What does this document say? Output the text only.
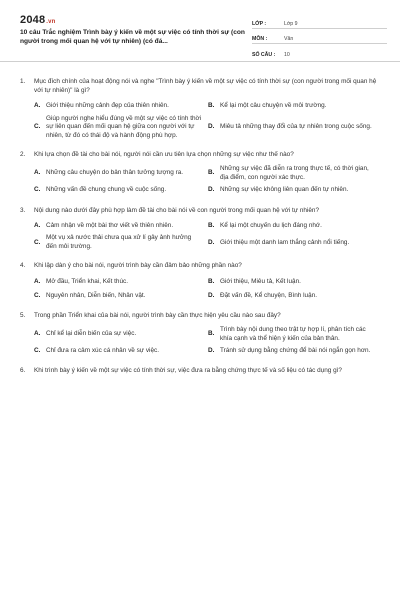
2048.vn
10 câu Trắc nghiệm Trình bày ý kiến về một sự việc có tính thời sự (con người trong mối quan hệ với tự nhiên) (có đá...
LỚP :	Lớp 9
MÔN :	Văn
SỐ CÂU :	10
1.	Mục đích chính của hoạt động nói và nghe "Trình bày ý kiến về một sự việc có tính thời sự (con người trong mối quan hệ với tự nhiên)" là gì?
A. Giới thiệu những cảnh đẹp của thiên nhiên.	B. Kể lại một câu chuyện về môi trường.
C.
Giúp người nghe hiểu đúng về một sự việc có tính thời sự liên quan đến mối quan hệ giữa con người với tự nhiên, từ đó có thái độ và hành động phù hợp.
D. Miêu tả những thay đổi của tự nhiên trong cuộc sống.
2.	Khi lựa chọn đề tài cho bài nói, người nói cần ưu tiên lựa chọn những sự việc như thế nào?
A. Những câu chuyện do bản thân tưởng tượng ra.	B.
Những sự việc đã diễn ra trong thực tế, có thời gian, địa điểm, con người xác thực.
C. Những vấn đề chung chung về cuộc sống.	D. Những sự việc không liên quan đến tự nhiên.
3.	Nội dung nào dưới đây phù hợp làm đề tài cho bài nói về con người trong mối quan hệ với tự nhiên?
A. Cảm nhận về một bài thơ viết về thiên nhiên.	B. Kể lại một chuyến du lịch đáng nhớ.
C.
Một vụ xả nước thải chưa qua xử lí gây ảnh hưởng đến môi trường.
D. Giới thiệu một danh lam thắng cảnh nổi tiếng.
4.	Khi lập dàn ý cho bài nói, người trình bày cần đảm bảo những phần nào?
A. Mở đầu, Triển khai, Kết thúc.	B. Giới thiệu, Miêu tả, Kết luận.
C. Nguyên nhân, Diễn biến, Nhân vật.	D. Đặt vấn đề, Kể chuyện, Bình luận.
5.	Trong phần Triển khai của bài nói, người trình bày cần thực hiện yêu cầu nào sau đây?
A. Chỉ kể lại diễn biến của sự việc.	B.
Trình bày nội dung theo trật tự hợp lí, phân tích các khía cạnh và thể hiện ý kiến của bản thân.
C. Chỉ đưa ra cảm xúc cá nhân về sự việc.	D. Tránh sử dụng bằng chứng để bài nói ngắn gọn hơn.
6.	Khi trình bày ý kiến về một sự việc có tính thời sự, việc đưa ra bằng chứng thực tế và số liệu có tác dụng gì?
